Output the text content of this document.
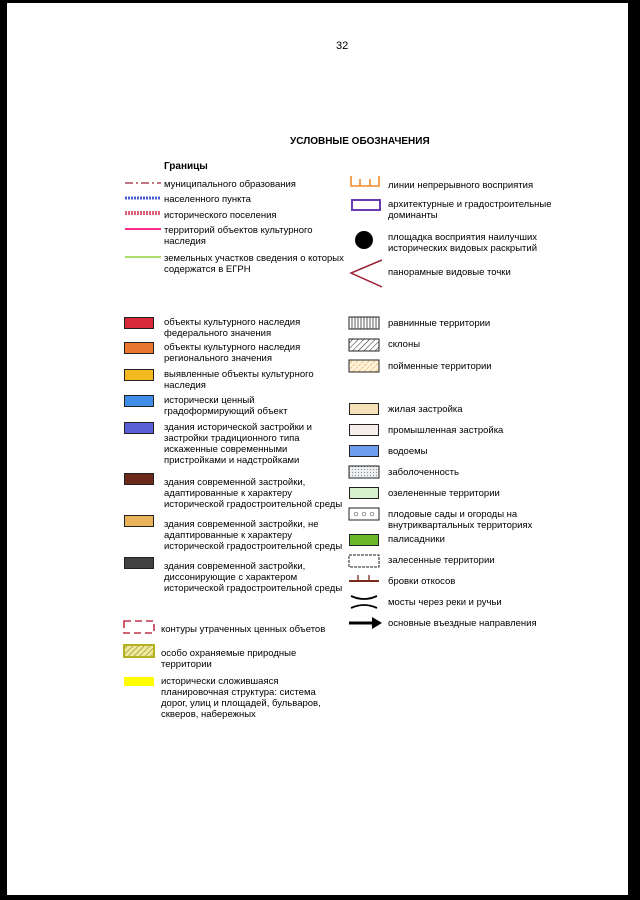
32
УСЛОВНЫЕ ОБОЗНАЧЕНИЯ
Границы
муниципального образования
населенного пункта
исторического поселения
территорий объектов культурного
наследия
земельных участков сведения о которых
содержатся в ЕГРН
линии непрерывного восприятия
архитектурные и градостроительные
доминанты
площадка восприятия наилучших
исторических видовых раскрытий
панорамные видовые точки
объекты культурного наследия
федерального значения
объекты культурного наследия
регионального значения
выявленные объекты культурного
наследия
исторически ценный
градоформирующий объект
здания исторической застройки и
застройки традиционного типа
искаженные современными
пристройками и надстройками
здания современной застройки,
адаптированные к характеру
исторической градостроительной среды
здания современной застройки, не
адаптированные к характеру
исторической градостроительной среды
здания современной застройки,
диссонирующие с характером
исторической градостроительной среды
контуры утраченных ценных объетов
особо охраняемые природные
территории
исторически сложившаяся
планировочная структура: система
дорог, улиц и площадей, бульваров,
скверов, набережных
равнинные территории
склоны
пойменные территории
жилая застройка
промышленная застройка
водоемы
заболоченность
озелененные территории
плодовые сады и огороды на
внутриквартальных территориях
палисадники
залесенные территории
бровки откосов
мосты через реки и ручьи
основные въездные направления
